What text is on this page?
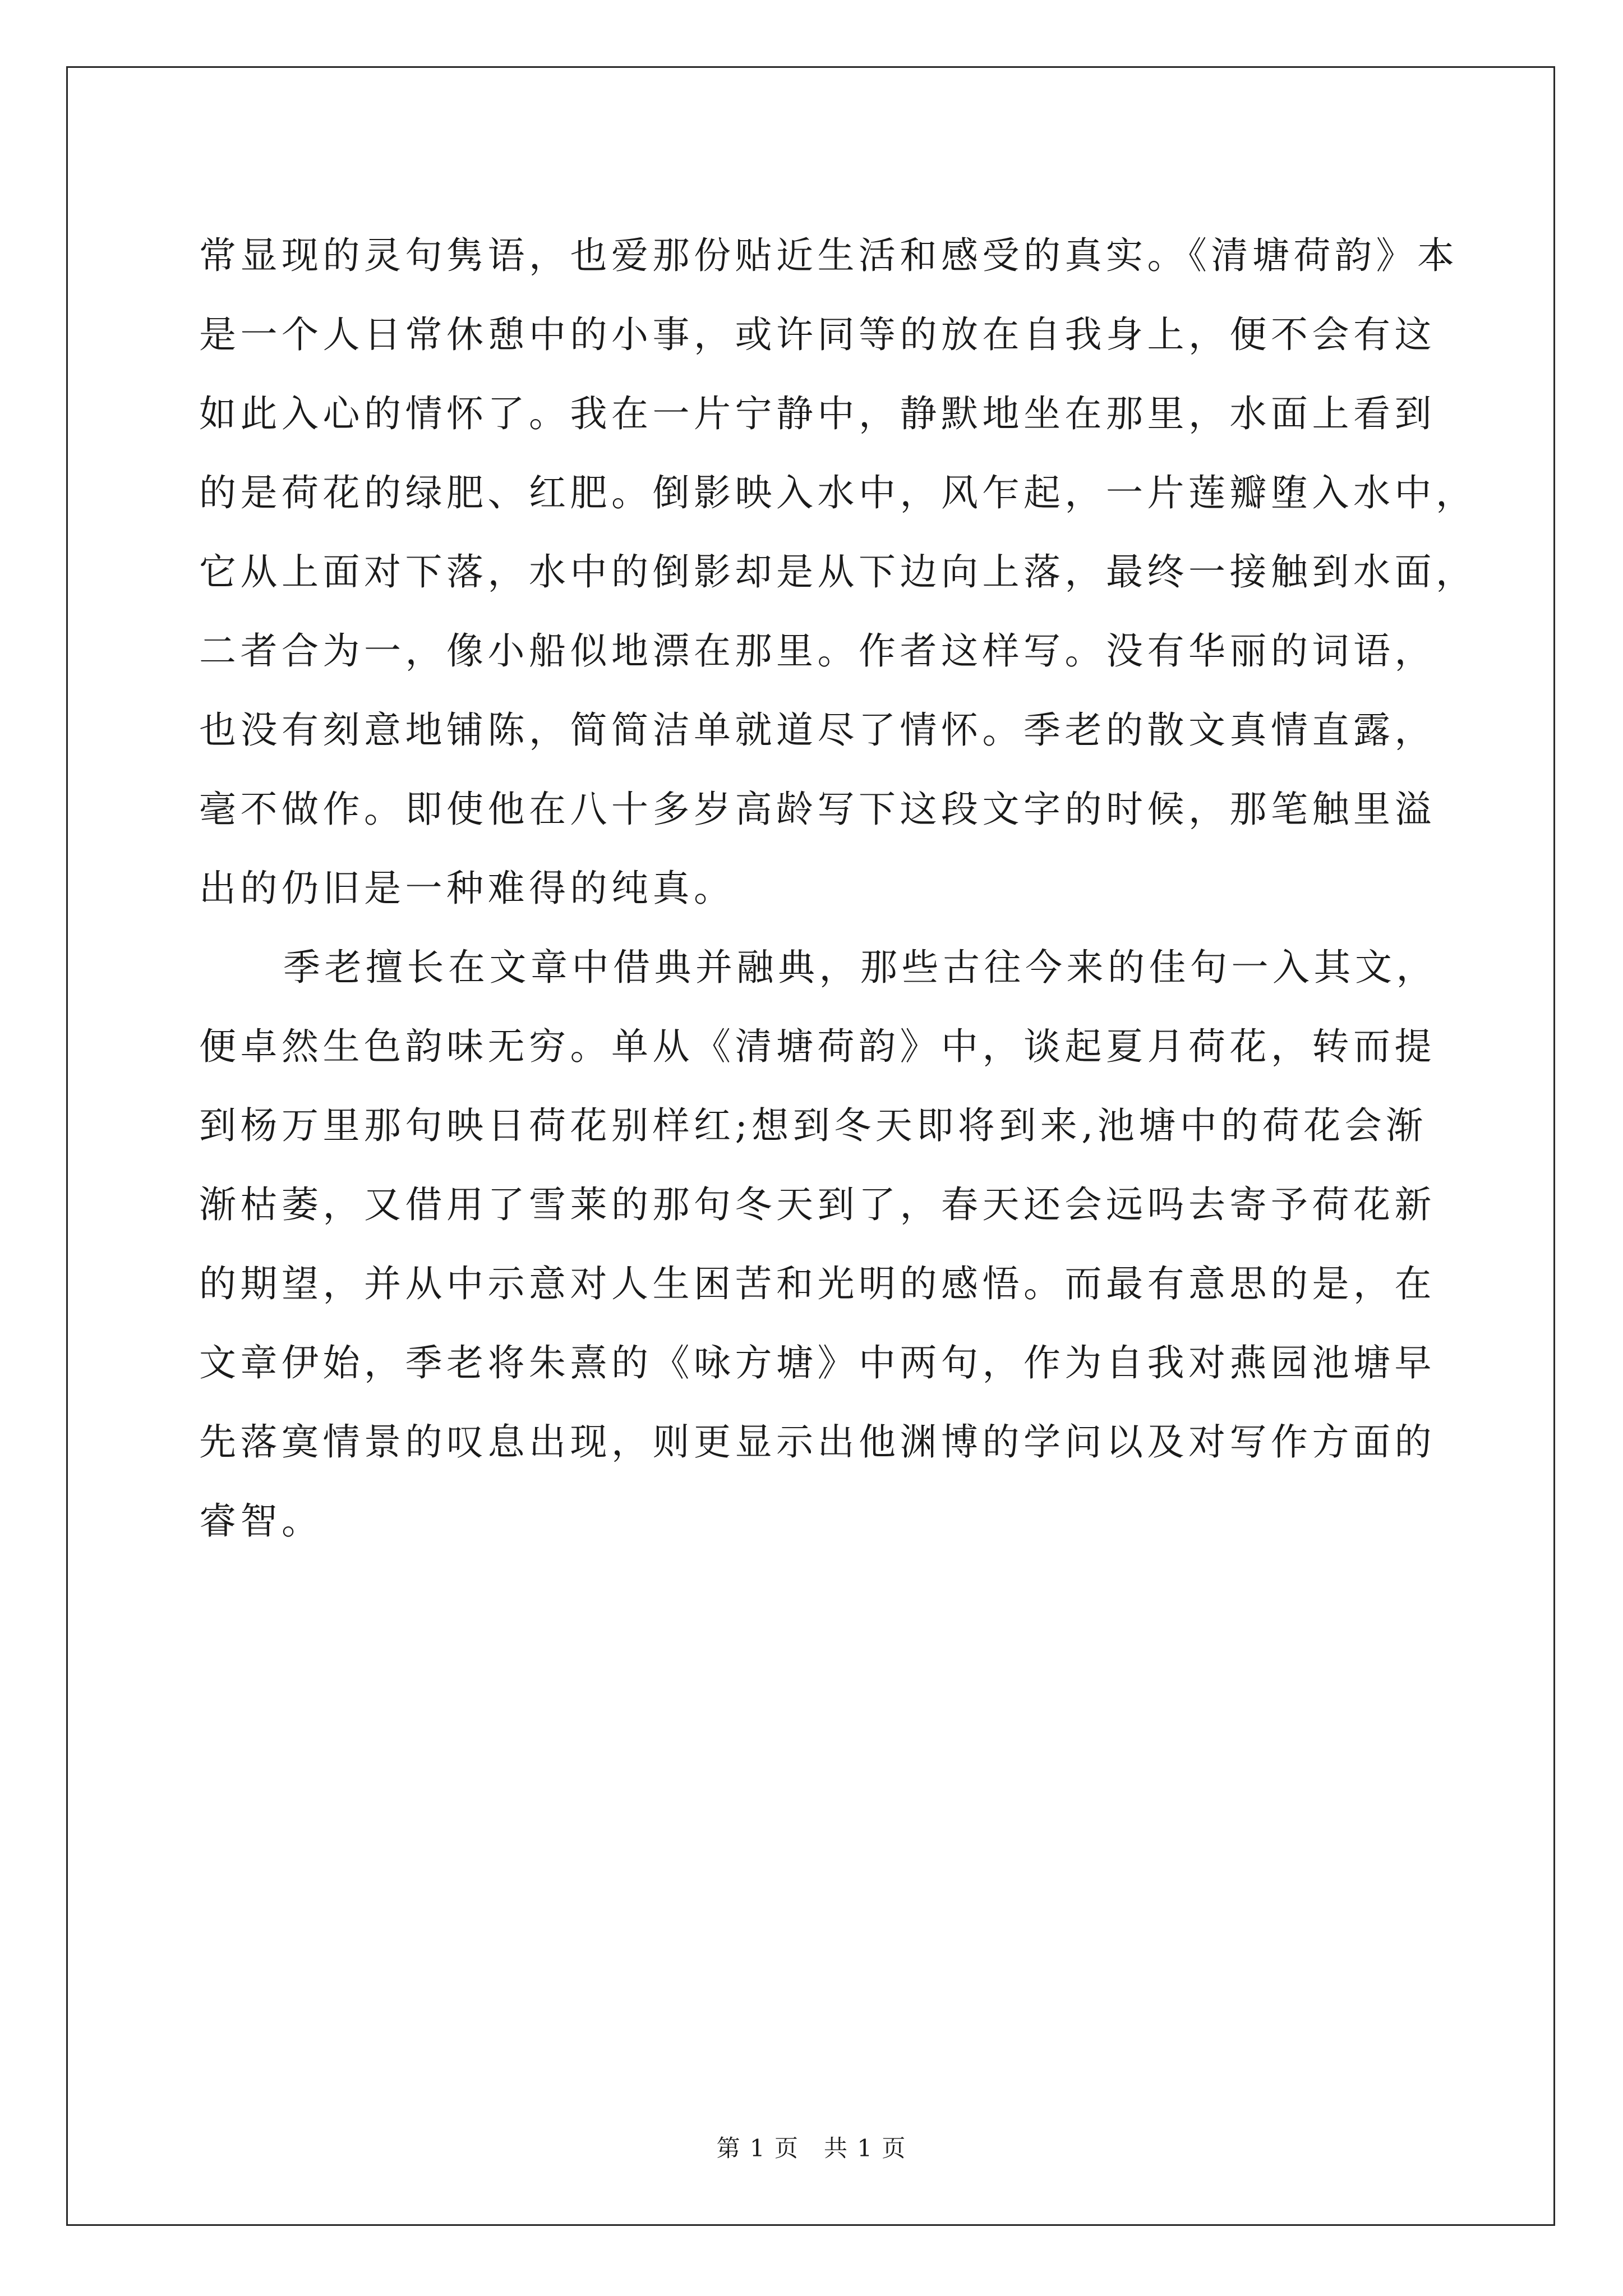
常显现的灵句隽语，也爱那份贴近生活和感受的真实。《清塘荷韵》本
是一个人日常休憩中的小事，或许同等的放在自我身上，便不会有这
如此入心的情怀了。我在一片宁静中，静默地坐在那里，水面上看到
的是荷花的绿肥、红肥。倒影映入水中，风乍起，一片莲瓣堕入水中，
它从上面对下落，水中的倒影却是从下边向上落，最终一接触到水面，
二者合为一，像小船似地漂在那里。作者这样写。没有华丽的词语，
也没有刻意地铺陈，简简洁单就道尽了情怀。季老的散文真情直露，
毫不做作。即使他在八十多岁高龄写下这段文字的时候，那笔触里溢
出的仍旧是一种难得的纯真。
季老擅长在文章中借典并融典，那些古往今来的佳句一入其文，
便卓然生色韵味无穷。单从《清塘荷韵》中，谈起夏月荷花，转而提
到杨万里那句映日荷花别样红;想到冬天即将到来,池塘中的荷花会渐
渐枯萎，又借用了雪莱的那句冬天到了，春天还会远吗去寄予荷花新
的期望，并从中示意对人生困苦和光明的感悟。而最有意思的是，在
文章伊始，季老将朱熹的《咏方塘》中两句，作为自我对燕园池塘早
先落寞情景的叹息出现，则更显示出他渊博的学问以及对写作方面的
睿智。
第 1 页　共 1 页
